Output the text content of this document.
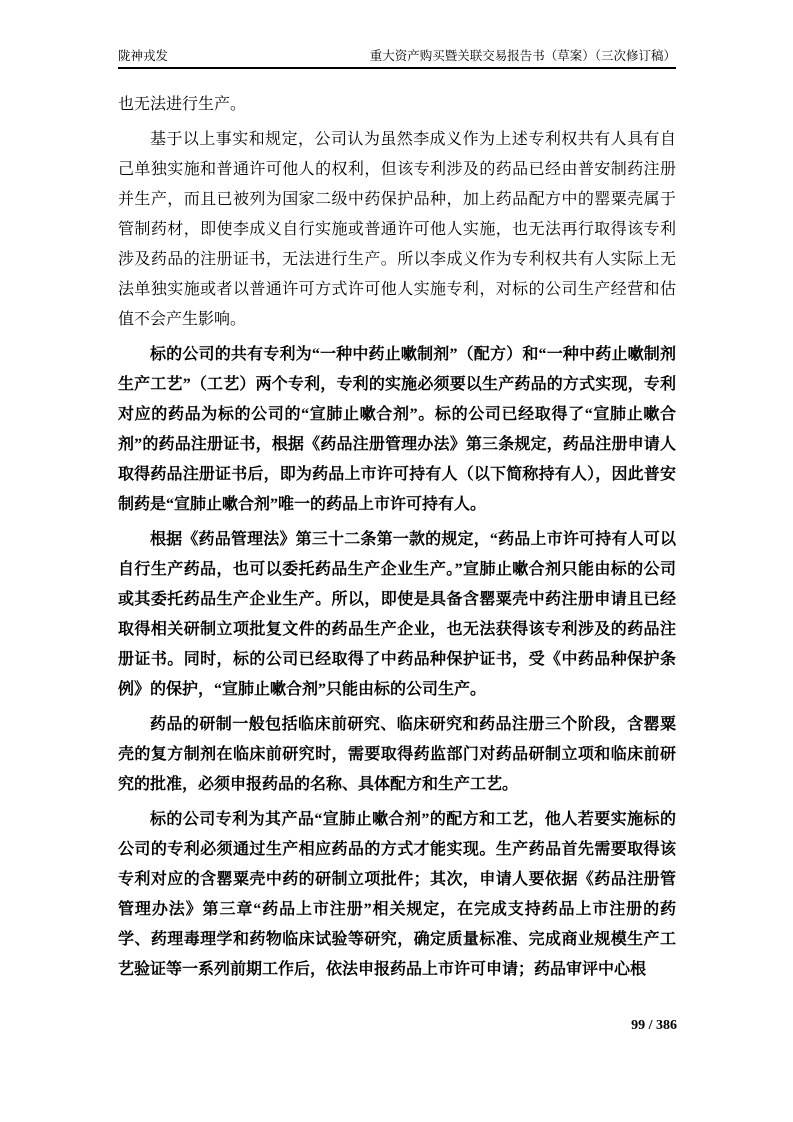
陇神戎发	重大资产购买暨关联交易报告书（草案）（三次修订稿）

也无法进行生产。

基于以上事实和规定，公司认为虽然李成义作为上述专利权共有人具有自己单独实施和普通许可他人的权利，但该专利涉及的药品已经由普安制药注册并生产，而且已被列为国家二级中药保护品种，加上药品配方中的罂粟壳属于管制药材，即使李成义自行实施或普通许可他人实施，也无法再行取得该专利涉及药品的注册证书，无法进行生产。所以李成义作为专利权共有人实际上无法单独实施或者以普通许可方式许可他人实施专利，对标的公司生产经营和估值不会产生影响。

标的公司的共有专利为“一种中药止嗽制剂”（配方）和“一种中药止嗽制剂生产工艺”（工艺）两个专利，专利的实施必须要以生产药品的方式实现，专利对应的药品为标的公司的“宣肺止嗽合剂”。标的公司已经取得了“宣肺止嗽合剂”的药品注册证书，根据《药品注册管理办法》第三条规定，药品注册申请人取得药品注册证书后，即为药品上市许可持有人（以下简称持有人），因此普安制药是“宣肺止嗽合剂”唯一的药品上市许可持有人。

根据《药品管理法》第三十二条第一款的规定，“药品上市许可持有人可以自行生产药品，也可以委托药品生产企业生产。”宣肺止嗽合剂只能由标的公司或其委托药品生产企业生产。所以，即使是具备含罂粟壳中药注册申请且已经取得相关研制立项批复文件的药品生产企业，也无法获得该专利涉及的药品注册证书。同时，标的公司已经取得了中药品种保护证书，受《中药品种保护条例》的保护，“宣肺止嗽合剂”只能由标的公司生产。

药品的研制一般包括临床前研究、临床研究和药品注册三个阶段，含罂粟壳的复方制剂在临床前研究时，需要取得药监部门对药品研制立项和临床前研究的批准，必须申报药品的名称、具体配方和生产工艺。

标的公司专利为其产品“宣肺止嗽合剂”的配方和工艺，他人若要实施标的公司的专利必须通过生产相应药品的方式才能实现。生产药品首先需要取得该专利对应的含罂粟壳中药的研制立项批件；其次，申请人要依据《药品注册管管理办法》第三章“药品上市注册”相关规定，在完成支持药品上市注册的药学、药理毒理学和药物临床试验等研究，确定质量标准、完成商业规模生产工艺验证等一系列前期工作后，依法申报药品上市许可申请；药品审评中心根

99 / 386
